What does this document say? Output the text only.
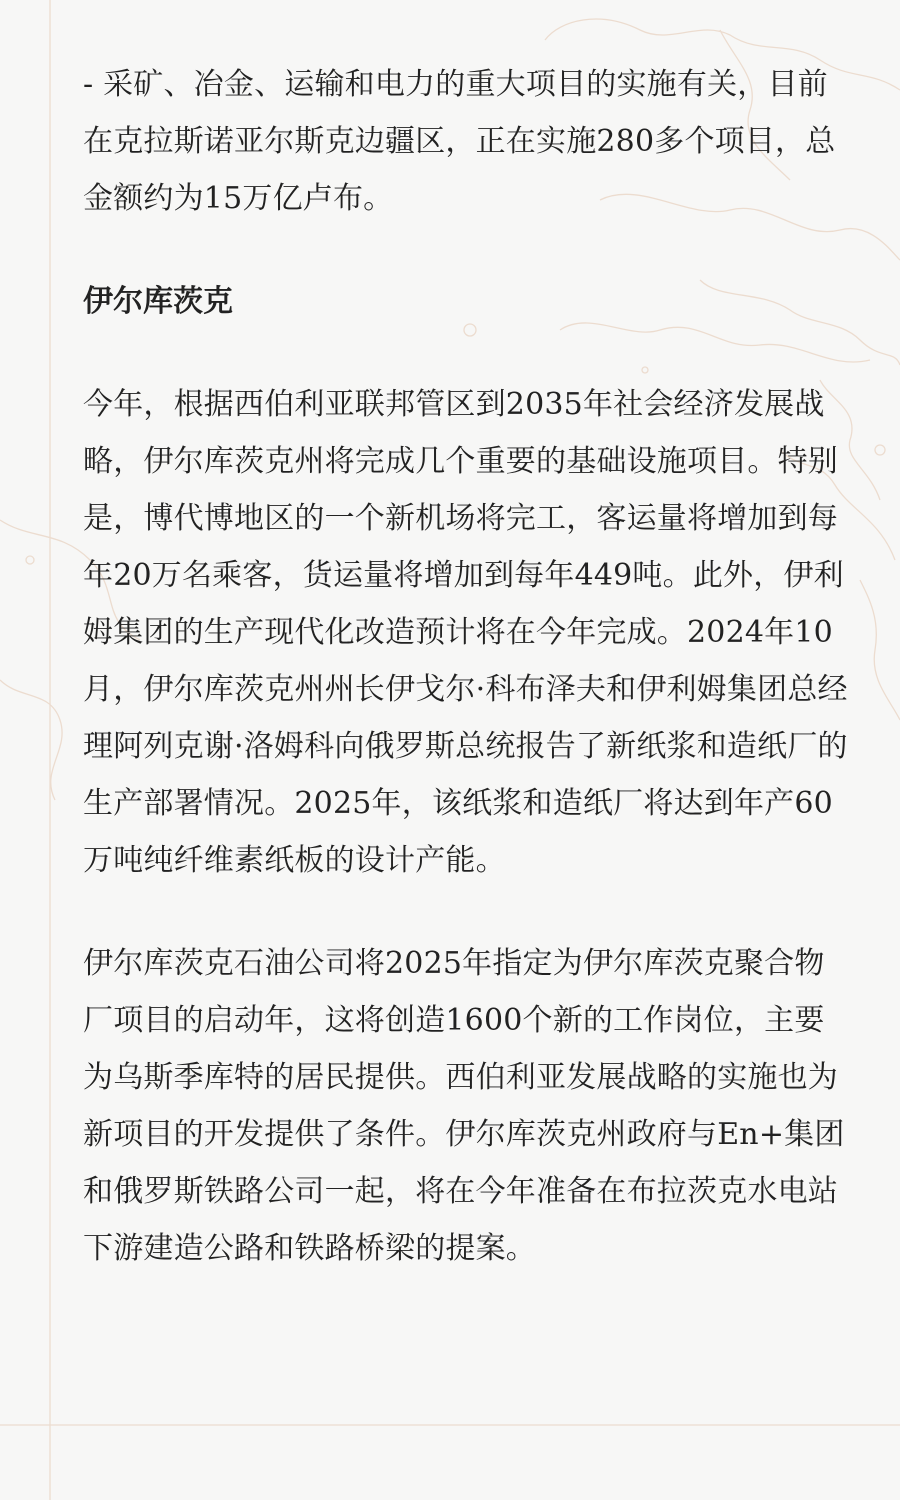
- 采矿、冶金、运输和电力的重大项目的实施有关，目前在克拉斯诺亚尔斯克边疆区，正在实施280多个项目，总金额约为15万亿卢布。

伊尔库茨克

今年，根据西伯利亚联邦管区到2035年社会经济发展战略，伊尔库茨克州将完成几个重要的基础设施项目。特别是，博代博地区的一个新机场将完工，客运量将增加到每年20万名乘客，货运量将增加到每年449吨。此外，伊利姆集团的生产现代化改造预计将在今年完成。2024年10月，伊尔库茨克州州长伊戈尔·科布泽夫和伊利姆集团总经理阿列克谢·洛姆科向俄罗斯总统报告了新纸浆和造纸厂的生产部署情况。2025年，该纸浆和造纸厂将达到年产60万吨纯纤维素纸板的设计产能。

伊尔库茨克石油公司将2025年指定为伊尔库茨克聚合物厂项目的启动年，这将创造1600个新的工作岗位，主要为乌斯季库特的居民提供。西伯利亚发展战略的实施也为新项目的开发提供了条件。伊尔库茨克州政府与En+集团和俄罗斯铁路公司一起，将在今年准备在布拉茨克水电站下游建造公路和铁路桥梁的提案。
